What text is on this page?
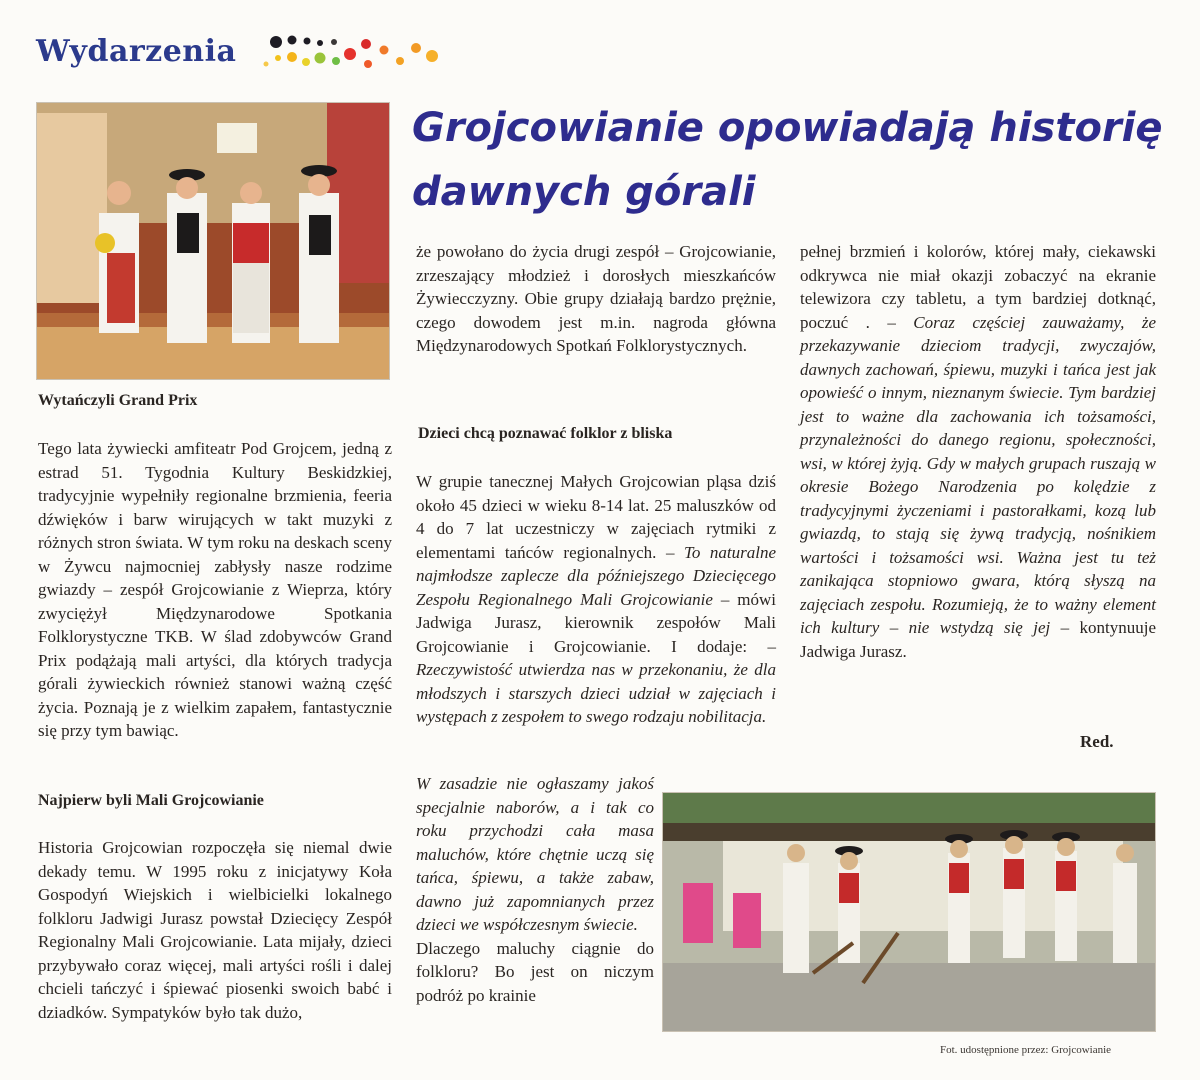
Wydarzenia
Grojcowianie opowiadają historię dawnych górali
Wytańczyli Grand Prix

Tego lata żywiecki amfiteatr Pod Grojcem, jedną z estrad 51. Tygodnia Kultury Beskidzkiej, tradycyjnie wypełniły regionalne brzmienia, feeria dźwięków i barw wirujących w takt muzyki z różnych stron świata. W tym roku na deskach sceny w Żywcu najmocniej zabłysły nasze rodzime gwiazdy – zespół Grojcowianie z Wieprza, który zwyciężył Międzynarodowe Spotkania Folklorystyczne TKB. W ślad zdobywców Grand Prix podążają mali artyści, dla których tradycja górali żywieckich również stanowi ważną część życia. Poznają je z wielkim zapałem, fantastycznie się przy tym bawiąc.

Najpierw byli Mali Grojcowianie

Historia Grojcowian rozpoczęła się niemal dwie dekady temu. W 1995 roku z inicjatywy Koła Gospodyń Wiejskich i wielbicielki lokalnego folkloru Jadwigi Jurasz powstał Dziecięcy Zespół Regionalny Mali Grojcowianie. Lata mijały, dzieci przybywało coraz więcej, mali artyści rośli i dalej chcieli tańczyć i śpiewać piosenki swoich babć i dziadków. Sympatyków było tak dużo,

że powołano do życia drugi zespół – Grojcowianie, zrzeszający młodzież i dorosłych mieszkańców Żywiecczyzny. Obie grupy działają bardzo prężnie, czego dowodem jest m.in. nagroda główna Międzynarodowych Spotkań Folklorystycznych.
Dzieci chcą poznawać folklor z bliska
W grupie tanecznej Małych Grojcowian pląsa dziś około 45 dzieci w wieku 8-14 lat. 25 maluszków od 4 do 7 lat uczestniczy w zajęciach rytmiki z elementami tańców regionalnych. – To naturalne najmłodsze zaplecze dla późniejszego Dziecięcego Zespołu Regionalnego Mali Grojcowianie – mówi Jadwiga Jurasz, kierownik zespołów Mali Grojcowianie i Grojcowianie. I dodaje: – Rzeczywistość utwierdza nas w przekonaniu, że dla młodszych i starszych dzieci udział w zajęciach i występach z zespołem to swego rodzaju nobilitacja.

W zasadzie nie ogłaszamy jakoś specjalnie naborów, a i tak co roku przychodzi cała masa maluchów, które chętnie uczą się tańca, śpiewu, a także zabaw, dawno już zapomnianych przez dzieci we współczesnym świecie.

Dlaczego maluchy ciągnie do folkloru? Bo jest on niczym podróż po krainie

pełnej brzmień i kolorów, której mały, ciekawski odkrywca nie miał okazji zobaczyć na ekranie telewizora czy tabletu, a tym bardziej dotknąć, poczuć . – Coraz częściej zauważamy, że przekazywanie dzieciom tradycji, zwyczajów, dawnych zachowań, śpiewu, muzyki i tańca jest jak opowieść o innym, nieznanym świecie. Tym bardziej jest to ważne dla zachowania ich tożsamości, przynależności do danego regionu, społeczności, wsi, w której żyją. Gdy w małych grupach ruszają w okresie Bożego Narodzenia po kolędzie z tradycyjnymi życzeniami i pastorałkami, kozą lub gwiazdą, to stają się żywą tradycją, nośnikiem wartości i tożsamości wsi. Ważna jest tu też zanikająca stopniowo gwara, którą słyszą na zajęciach zespołu. Rozumieją, że to ważny element ich kultury – nie wstydzą się jej – kontynuuje Jadwiga Jurasz.
Red.
Fot. udostępnione przez: Grojcowianie
